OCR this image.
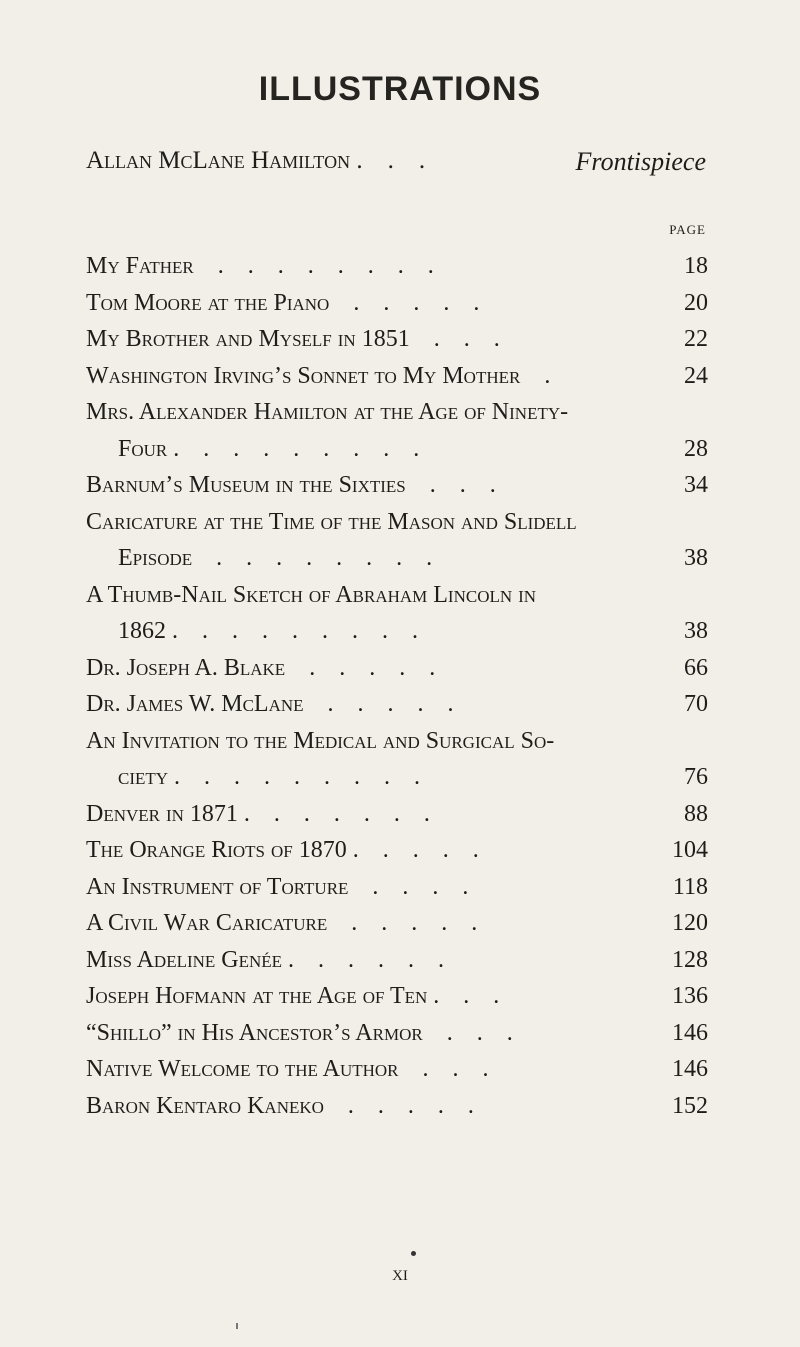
ILLUSTRATIONS
Allan McLane Hamilton .    .    .	Frontispiece
PAGE
My Father    .    .    .    .    .    .    .    .	18
Tom Moore at the Piano    .    .    .    .    .	20
My Brother and Myself in 1851    .    .    .	22
Washington Irving’s Sonnet to My Mother    .	24
Mrs. Alexander Hamilton at the Age of Ninety-
Four .    .    .    .    .    .    .    .    .	28
Barnum’s Museum in the Sixties    .    .    .	34
Caricature at the Time of the Mason and Slidell
Episode    .    .    .    .    .    .    .    .	38
A Thumb-Nail Sketch of Abraham Lincoln in
1862 .    .    .    .    .    .    .    .    .	38
Dr. Joseph A. Blake    .    .    .    .    .	66
Dr. James W. McLane    .    .    .    .    .	70
An Invitation to the Medical and Surgical So-
ciety .    .    .    .    .    .    .    .    .	76
Denver in 1871 .    .    .    .    .    .    .	88
The Orange Riots of 1870 .    .    .    .    .	104
An Instrument of Torture    .    .    .    .	118
A Civil War Caricature    .    .    .    .    .	120
Miss Adeline Genée .    .    .    .    .    .	128
Joseph Hofmann at the Age of Ten .    .    .	136
“Shillo” in His Ancestor’s Armor    .    .    .	146
Native Welcome to the Author    .    .    .	146
Baron Kentaro Kaneko    .    .    .    .    .	152
xi
